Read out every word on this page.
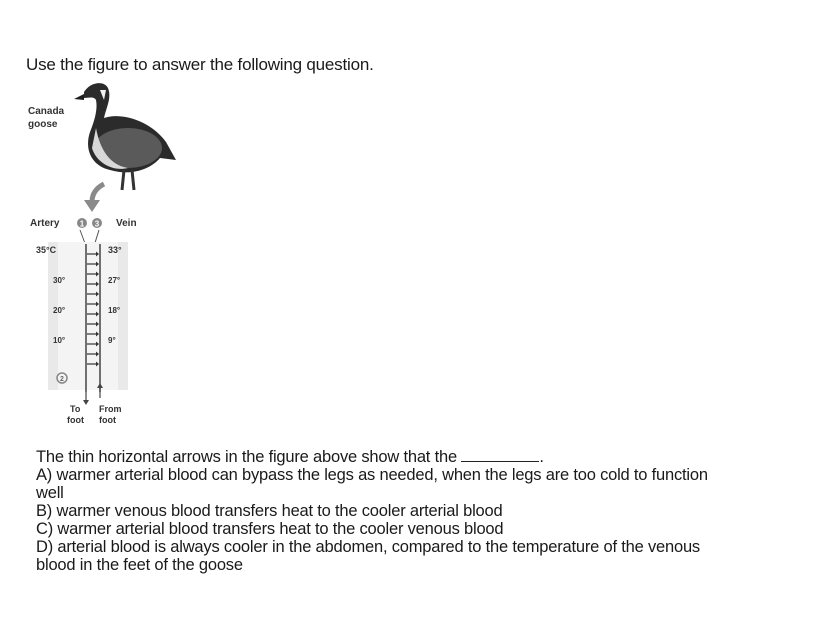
Use the figure to answer the following question.
Canada
goose
Artery	1 3 Vein
35°C
30°
20°
10°
33°
27°
18°
9°
2
To
foot
From
foot
The thin horizontal arrows in the figure above show that the	.
A) warmer arterial blood can bypass the legs as needed, when the legs are too cold to function
well
B) warmer venous blood transfers heat to the cooler arterial blood
C) warmer arterial blood transfers heat to the cooler venous blood
D) arterial blood is always cooler in the abdomen, compared to the temperature of the venous
blood in the feet of the goose
